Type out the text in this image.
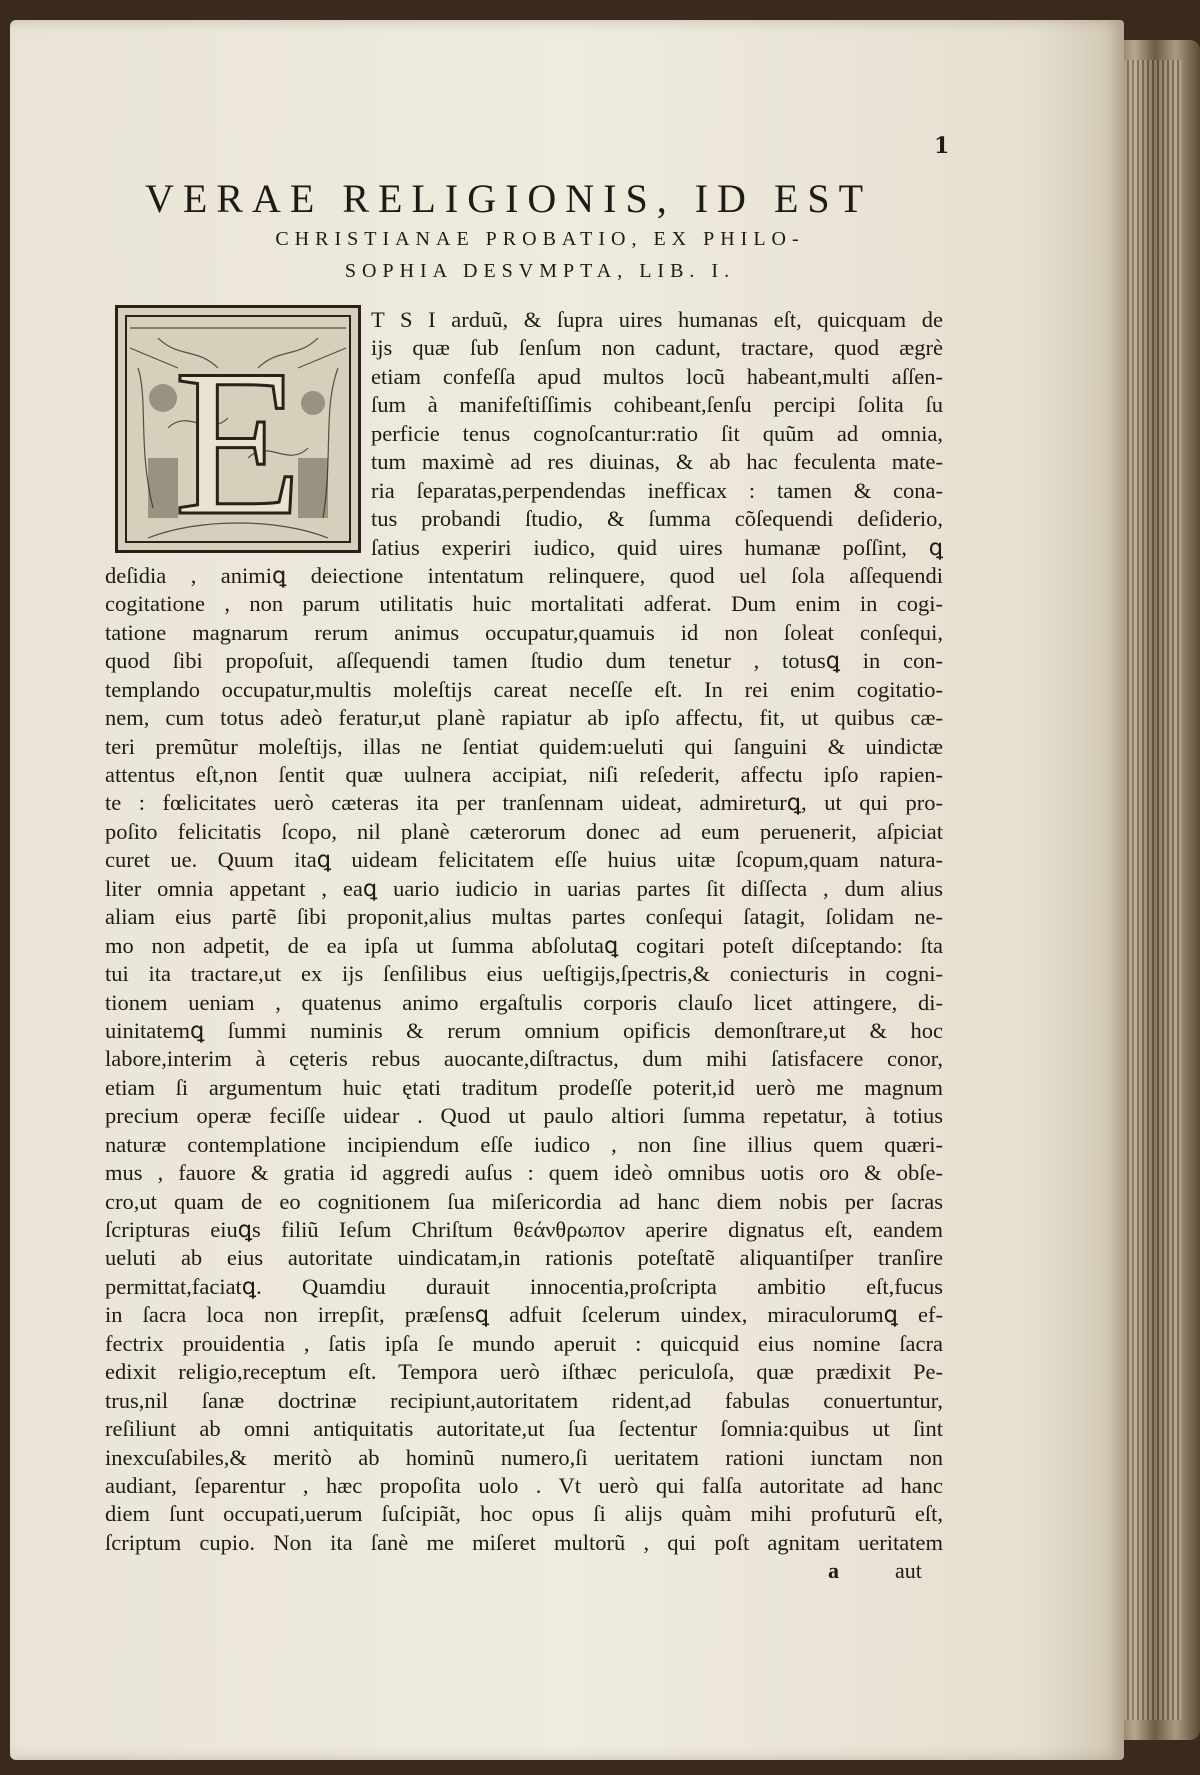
1
VERAE RELIGIONIS, ID EST
CHRISTIANAE PROBATIO, EX PHILO-
SOPHIA DESVMPTA, LIB. I.
E
T S I arduũ, & ſupra uires humanas eſt, quicquam de
ijs quæ ſub ſenſum non cadunt, tractare, quod ægrè
etiam confeſſa apud multos locũ habeant,multi aſſen-
ſum à manifeſtiſſimis cohibeant,ſenſu percipi ſolita ſu
perficie tenus cognoſcantur:ratio ſit quũm ad omnia,
tum maximè ad res diuinas, & ab hac feculenta mate-
ria ſeparatas,perpendendas inefficax : tamen & cona-
tus probandi ſtudio, & ſumma cõſequendi deſiderio,
ſatius experiri iudico, quid uires humanæ poſſint, ꝗ
deſidia , animiꝗ deiectione intentatum relinquere, quod uel ſola aſſequendi
cogitatione , non parum utilitatis huic mortalitati adferat. Dum enim in cogi-
tatione magnarum rerum animus occupatur,quamuis id non ſoleat conſequi,
quod ſibi propoſuit, aſſequendi tamen ſtudio dum tenetur , totusꝗ in con-
templando occupatur,multis moleſtijs careat neceſſe eſt. In rei enim cogitatio-
nem, cum totus adeò feratur,ut planè rapiatur ab ipſo affectu, fit, ut quibus cæ-
teri premũtur moleſtijs, illas ne ſentiat quidem:ueluti qui ſanguini & uindictæ
attentus eſt,non ſentit quæ uulnera accipiat, niſi reſederit, affectu ipſo rapien-
te : fœlicitates uerò cæteras ita per tranſennam uideat, admireturꝗ, ut qui pro-
poſito felicitatis ſcopo, nil planè cæterorum donec ad eum peruenerit, aſpiciat
curet ue. Quum itaꝗ uideam felicitatem eſſe huius uitæ ſcopum,quam natura-
liter omnia appetant , eaꝗ uario iudicio in uarias partes ſit diſſecta , dum alius
aliam eius partẽ ſibi proponit,alius multas partes conſequi ſatagit, ſolidam ne-
mo non adpetit, de ea ipſa ut ſumma abſolutaꝗ cogitari poteſt diſceptando: ſta
tui ita tractare,ut ex ijs ſenſilibus eius ueſtigijs,ſpectris,& coniecturis in cogni-
tionem ueniam , quatenus animo ergaſtulis corporis clauſo licet attingere, di-
uinitatemꝗ ſummi numinis & rerum omnium opificis demonſtrare,ut & hoc
labore,interim à cęteris rebus auocante,diſtractus, dum mihi ſatisfacere conor,
etiam ſi argumentum huic ętati traditum prodeſſe poterit,id uerò me magnum
precium operæ feciſſe uidear . Quod ut paulo altiori ſumma repetatur, à totius
naturæ contemplatione incipiendum eſſe iudico , non ſine illius quem quæri-
mus , fauore & gratia id aggredi auſus : quem ideò omnibus uotis oro & obſe-
cro,ut quam de eo cognitionem ſua miſericordia ad hanc diem nobis per ſacras
ſcripturas eiuꝗs filiũ Ieſum Chriſtum θεάνθρωπον aperire dignatus eſt, eandem
ueluti ab eius autoritate uindicatam,in rationis poteſtatẽ aliquantiſper tranſire
permittat,faciatꝗ. Quamdiu durauit innocentia,proſcripta ambitio eſt,fucus
in ſacra loca non irrepſit, præſensꝗ adfuit ſcelerum uindex, miraculorumꝗ ef-
fectrix prouidentia , ſatis ipſa ſe mundo aperuit : quicquid eius nomine ſacra
edixit religio,receptum eſt. Tempora uerò iſthæc periculoſa, quæ prædixit Pe-
trus,nil ſanæ doctrinæ recipiunt,autoritatem rident,ad fabulas conuertuntur,
reſiliunt ab omni antiquitatis autoritate,ut ſua ſectentur ſomnia:quibus ut ſint
inexcuſabiles,& meritò ab hominũ numero,ſi ueritatem rationi iunctam non
audiant, ſeparentur , hæc propoſita uolo . Vt uerò qui falſa autoritate ad hanc
diem ſunt occupati,uerum ſuſcipiãt, hoc opus ſi alijs quàm mihi profuturũ eſt,
ſcriptum cupio. Non ita ſanè me miſeret multorũ , qui poſt agnitam ueritatem
a	aut
